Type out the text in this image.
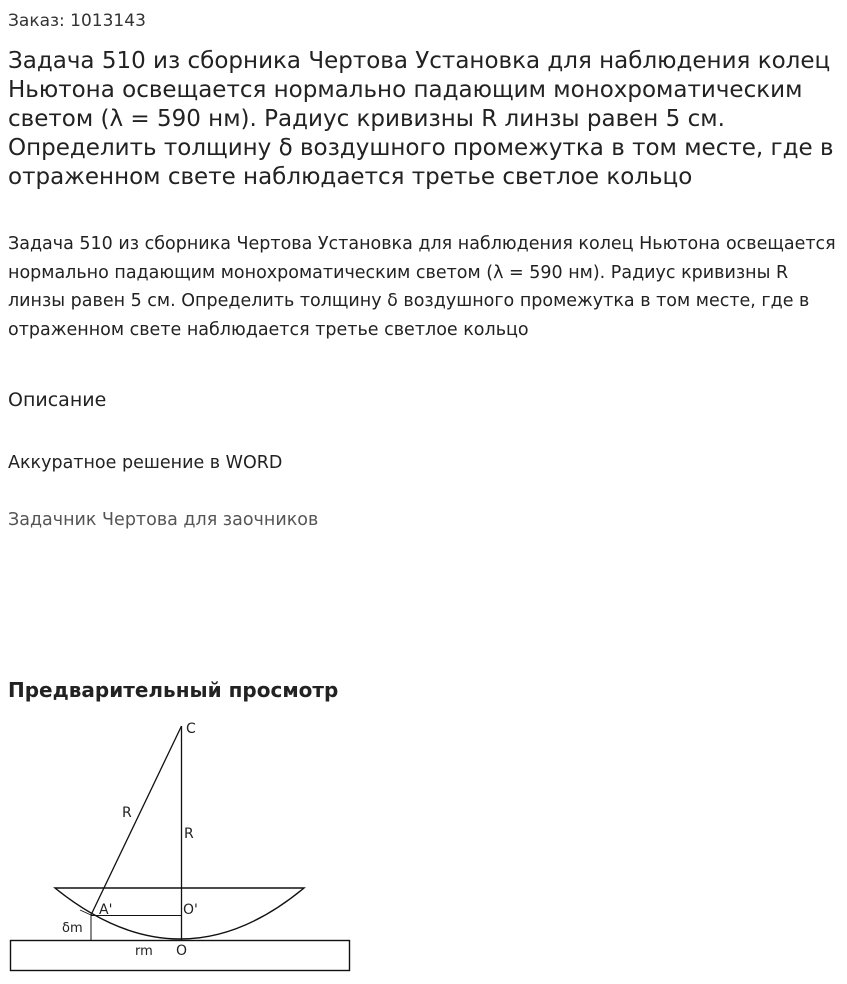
Заказ: 1013143
Задача 510 из сборника Чертова Установка для наблюдения колец Ньютона освещается нормально падающим монохроматическим светом (λ = 590 нм). Радиус кривизны R линзы равен 5 см. Определить толщину δ воздушного промежутка в том месте, где в отраженном свете наблюдается третье светлое кольцо

Задача 510 из сборника Чертова Установка для наблюдения колец Ньютона освещается нормально падающим монохроматическим светом (λ = 590 нм). Радиус кривизны R линзы равен 5 см. Определить толщину δ воздушного промежутка в том месте, где в отраженном свете наблюдается третье светлое кольцо

Описание
Аккуратное решение в WORD
Задачник Чертова для заочников
Предварительный просмотр
C
R
R
A'	O'
δm
rm O
